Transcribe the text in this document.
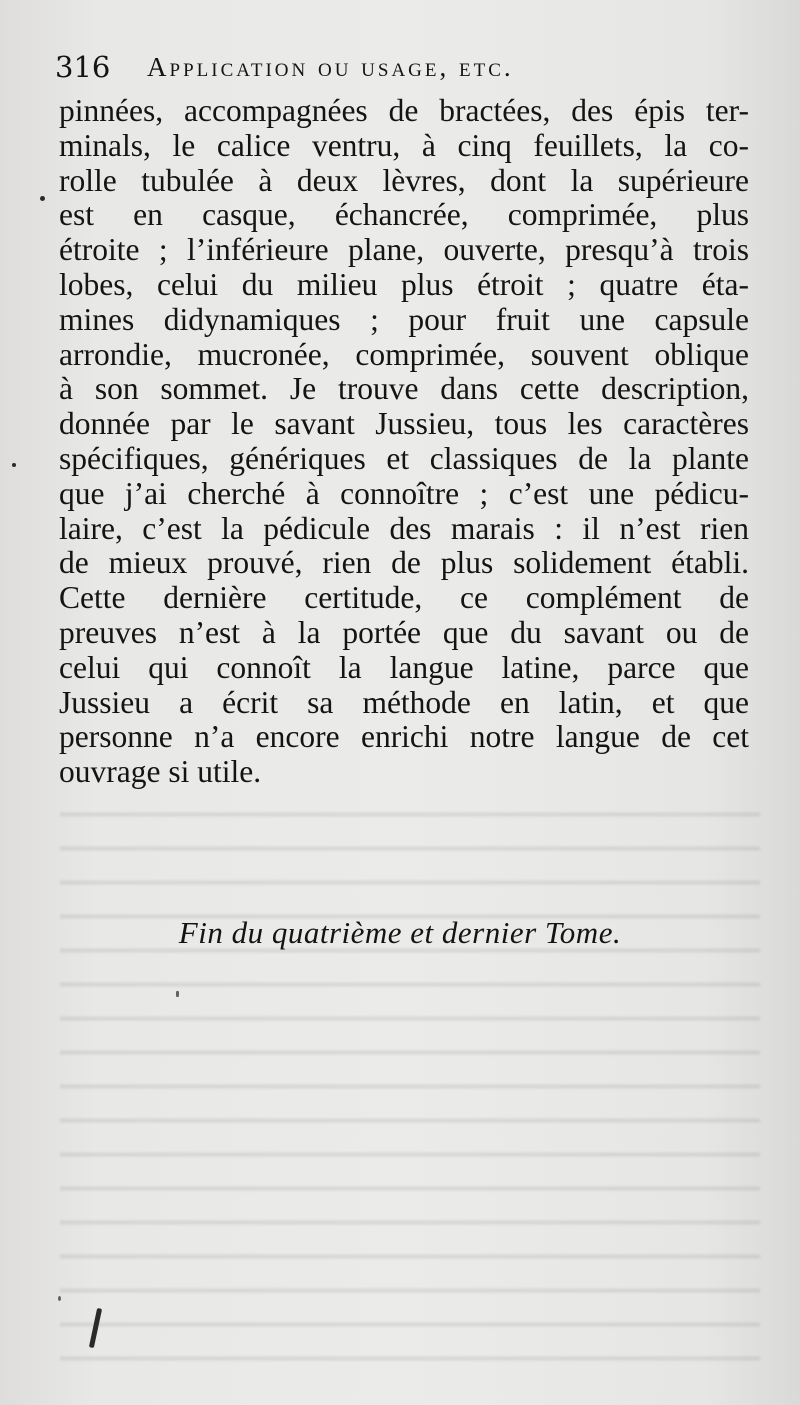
316 Application ou usage, etc.
pinnées, accompagnées de bractées, des épis ter-
minals, le calice ventru, à cinq feuillets, la co-
rolle tubulée à deux lèvres, dont la supérieure
est en casque, échancrée, comprimée, plus
étroite ; l’inférieure plane, ouverte, presqu’à trois
lobes, celui du milieu plus étroit ; quatre éta-
mines didynamiques ; pour fruit une capsule
arrondie, mucronée, comprimée, souvent oblique
à son sommet. Je trouve dans cette description,
donnée par le savant Jussieu, tous les caractères
spécifiques, génériques et classiques de la plante
que j’ai cherché à connoître ; c’est une pédicu-
laire, c’est la pédicule des marais : il n’est rien
de mieux prouvé, rien de plus solidement établi.
Cette dernière certitude, ce complément de
preuves n’est à la portée que du savant ou de
celui qui connoît la langue latine, parce que
Jussieu a écrit sa méthode en latin, et que
personne n’a encore enrichi notre langue de cet
ouvrage si utile.
Fin du quatrième et dernier Tome.
